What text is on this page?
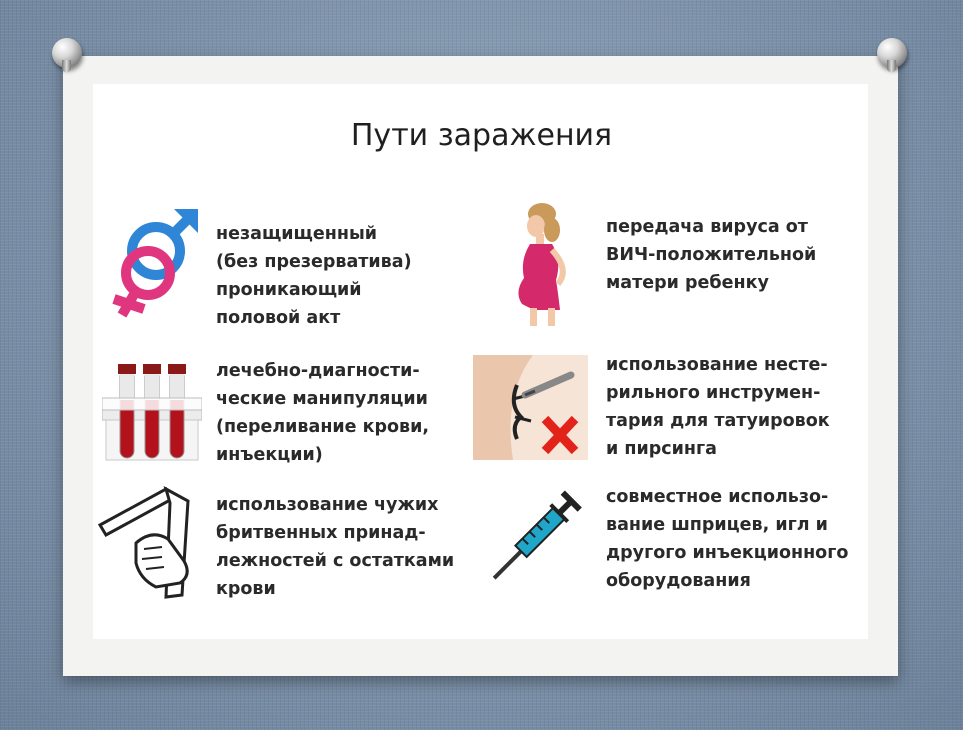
Пути заражения
незащищенный
(без презерватива)
проникающий
половой акт
передача вируса от
ВИЧ-положительной
матери ребенку
лечебно-диагности-
ческие манипуляции
(переливание крови,
инъекции)
использование несте-
рильного инструмен-
тария для татуировок
и пирсинга
использование чужих
бритвенных принад-
лежностей с остатками
крови
совместное использо-
вание шприцев, игл и
другого инъекционного
оборудования
